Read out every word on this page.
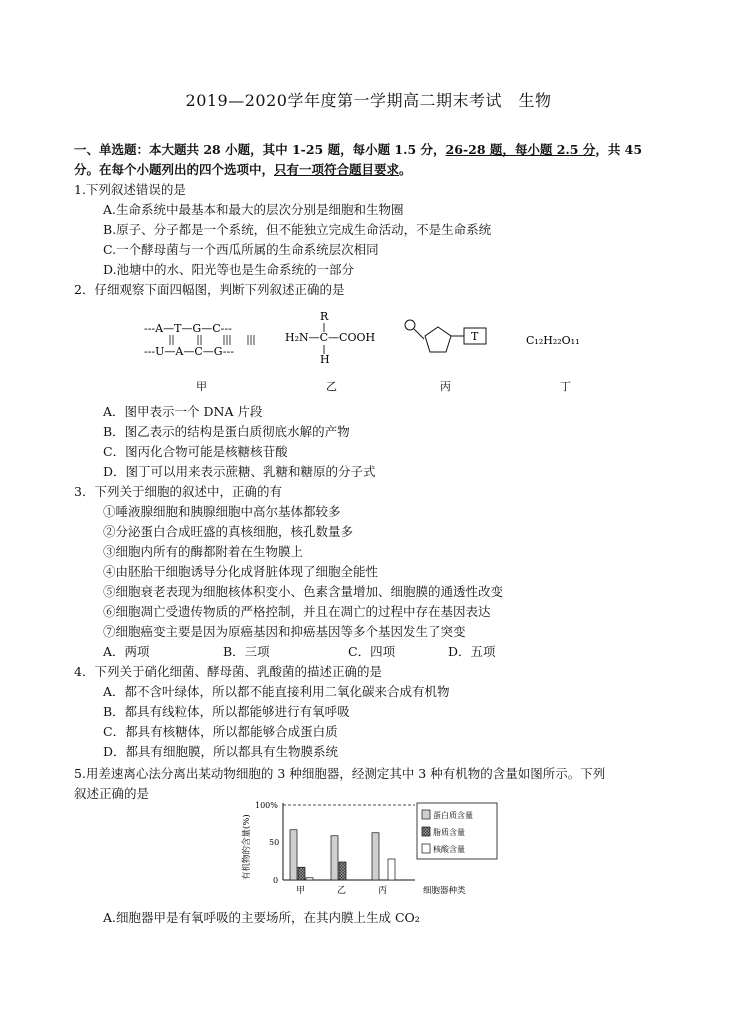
2019—2020学年度第一学期高二期末考试　生物
一、单选题：本大题共 28 小题，其中 1-25 题，每小题 1.5 分，26-28 题，每小题 2.5 分，共 45
分。在每个小题列出的四个选项中，只有一项符合题目要求。
1.下列叙述错误的是
A.生命系统中最基本和最大的层次分别是细胞和生物圈
B.原子、分子都是一个系统，但不能独立完成生命活动，不是生命系统
C.一个酵母菌与一个西瓜所属的生命系统层次相同
D.池塘中的水、阳光等也是生命系统的一部分
2．仔细观察下面四幅图，判断下列叙述正确的是
---A—T—G—C---
---U—A—C—G---
R
H₂N—C—COOH
H
T	C₁₂H₂₂O₁₁
甲	乙	丙	丁
A．图甲表示一个 DNA 片段
B．图乙表示的结构是蛋白质彻底水解的产物
C．图丙化合物可能是核糖核苷酸
D．图丁可以用来表示蔗糖、乳糖和糖原的分子式
3．下列关于细胞的叙述中，正确的有
①唾液腺细胞和胰腺细胞中高尔基体都较多
②分泌蛋白合成旺盛的真核细胞，核孔数量多
③细胞内所有的酶都附着在生物膜上
④由胚胎干细胞诱导分化成肾脏体现了细胞全能性
⑤细胞衰老表现为细胞核体积变小、色素含量增加、细胞膜的通透性改变
⑥细胞凋亡受遗传物质的严格控制，并且在凋亡的过程中存在基因表达
⑦细胞癌变主要是因为原癌基因和抑癌基因等多个基因发生了突变
A．两项	B．三项	C．四项	D．五项
4．下列关于硝化细菌、酵母菌、乳酸菌的描述正确的是
A．都不含叶绿体，所以都不能直接利用二氧化碳来合成有机物
B．都具有线粒体，所以都能够进行有氧呼吸
C．都具有核糖体，所以都能够合成蛋白质
D．都具有细胞膜，所以都具有生物膜系统
5.用差速离心法分离出某动物细胞的 3 种细胞器，经测定其中 3 种有机物的含量如图所示。下列
叙述正确的是
有机物的含量(%)
100%
50
0
甲	乙	丙	细胞器种类
蛋白质含量
脂质含量
核酸含量
A.细胞器甲是有氧呼吸的主要场所，在其内膜上生成 CO₂
